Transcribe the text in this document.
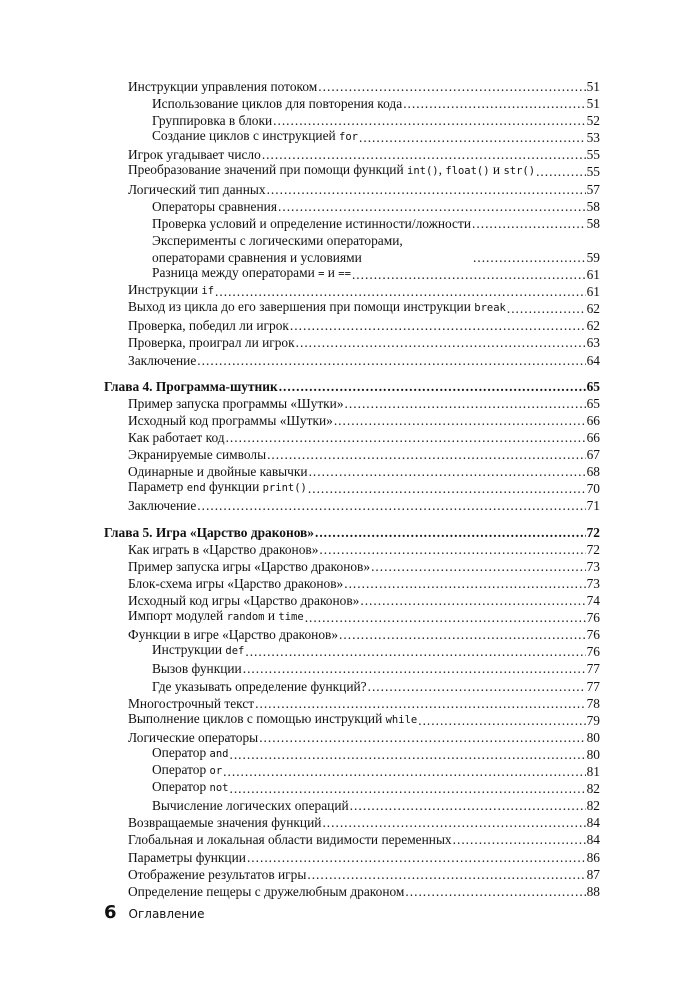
Инструкции управления потоком .....	51
Использование циклов для повторения кода .....	51
Группировка в блоки .....	52
Создание циклов с инструкцией for .....	53
Игрок угадывает число .....	55
Преобразование значений при помощи функций int(), float() и str() .....	55
Логический тип данных .....	57
Операторы сравнения .....	58
Проверка условий и определение истинности/ложности .....	58
Эксперименты с логическими операторами, операторами сравнения и условиями .....	59
Разница между операторами = и == .....	61
Инструкции if .....	61
Выход из цикла до его завершения при помощи инструкции break .....	62
Проверка, победил ли игрок .....	62
Проверка, проиграл ли игрок .....	63
Заключение .....	64
Глава 4. Программа-шутник .....	65
Пример запуска программы «Шутки» .....	65
Исходный код программы «Шутки» .....	66
Как работает код .....	66
Экранируемые символы .....	67
Одинарные и двойные кавычки .....	68
Параметр end функции print() .....	70
Заключение .....	71
Глава 5. Игра «Царство драконов» .....	72
Как играть в «Царство драконов» .....	72
Пример запуска игры «Царство драконов» .....	73
Блок-схема игры «Царство драконов» .....	73
Исходный код игры «Царство драконов» .....	74
Импорт модулей random и time .....	76
Функции в игре «Царство драконов» .....	76
Инструкции def .....	76
Вызов функции .....	77
Где указывать определение функций? .....	77
Многострочный текст .....	78
Выполнение циклов с помощью инструкций while .....	79
Логические операторы .....	80
Оператор and .....	80
Оператор or .....	81
Оператор not .....	82
Вычисление логических операций .....	82
Возвращаемые значения функций .....	84
Глобальная и локальная области видимости переменных .....	84
Параметры функции .....	86
Отображение результатов игры .....	87
Определение пещеры с дружелюбным драконом .....	88
6 Оглавление
